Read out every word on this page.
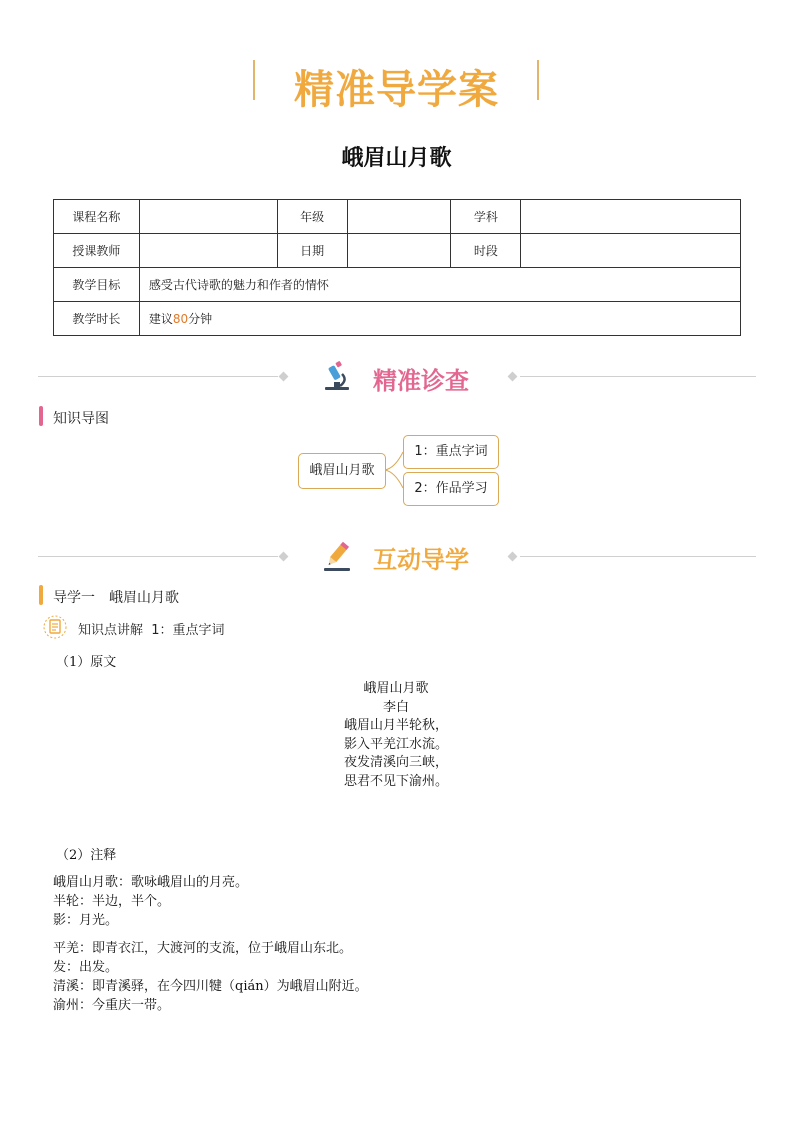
精准导学案
峨眉山月歌
课程名称		年级		学科	
授课教师		日期		时段	
教学目标	感受古代诗歌的魅力和作者的情怀				
教学时长	建议80分钟				
精准诊查
知识导图
峨眉山月歌
1：重点字词
2：作品学习
互动导学
导学一　峨眉山月歌
知识点讲解 1：重点字词
（1）原文
峨眉山月歌
李白
峨眉山月半轮秋，
影入平羌江水流。
夜发清溪向三峡，
思君不见下渝州。
（2）注释
峨眉山月歌：歌咏峨眉山的月亮。
半轮：半边，半个。
影：月光。
平羌：即青衣江，大渡河的支流，位于峨眉山东北。
发：出发。
清溪：即青溪驿，在今四川犍（qián）为峨眉山附近。
渝州：今重庆一带。
